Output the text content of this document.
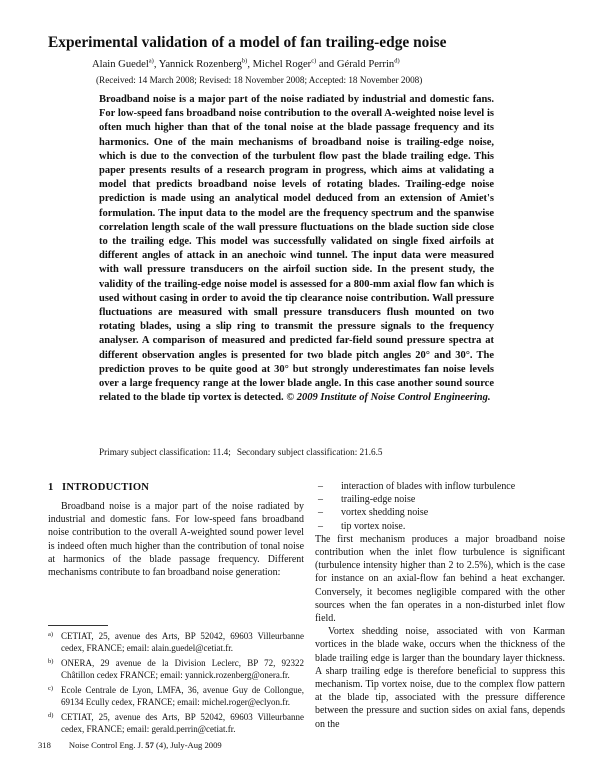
Experimental validation of a model of fan trailing-edge noise
Alain Guedel$^{a)}$, Yannick Rozenberg$^{b)}$, Michel Roger$^{c)}$ and Gérald Perrin$^{d)}$
(Received: 14 March 2008; Revised: 18 November 2008; Accepted: 18 November 2008)
Broadband noise is a major part of the noise radiated by industrial and domestic fans. For low-speed fans broadband noise contribution to the overall A-weighted noise level is often much higher than that of the tonal noise at the blade passage frequency and its harmonics. One of the main mechanisms of broadband noise is trailing-edge noise, which is due to the convection of the turbulent flow past the blade trailing edge. This paper presents results of a research program in progress, which aims at validating a model that predicts broadband noise levels of rotating blades. Trailing-edge noise prediction is made using an analytical model deduced from an extension of Amiet's formulation. The input data to the model are the frequency spectrum and the spanwise correlation length scale of the wall pressure fluctuations on the blade suction side close to the trailing edge. This model was successfully validated on single fixed airfoils at different angles of attack in an anechoic wind tunnel. The input data were measured with wall pressure transducers on the airfoil suction side. In the present study, the validity of the trailing-edge noise model is assessed for a 800-mm axial flow fan which is used without casing in order to avoid the tip clearance noise contribution. Wall pressure fluctuations are measured with small pressure transducers flush mounted on two rotating blades, using a slip ring to transmit the pressure signals to the frequency analyser. A comparison of measured and predicted far-field sound pressure spectra at different observation angles is presented for two blade pitch angles 20° and 30°. The prediction proves to be quite good at 30° but strongly underestimates fan noise levels over a large frequency range at the lower blade angle. In this case another sound source related to the blade tip vortex is detected. © 2009 Institute of Noise Control Engineering.
Primary subject classification: 11.4; Secondary subject classification: 21.6.5
1 INTRODUCTION

Broadband noise is a major part of the noise radiated by industrial and domestic fans. For low-speed fans broadband noise contribution to the overall A-weighted sound power level is indeed often much higher than the contribution of tonal noise at harmonics of the blade passage frequency. Different mechanisms contribute to fan broadband noise generation:

a) CETIAT, 25, avenue des Arts, BP 52042, 69603 Villeurbanne cedex, FRANCE; email: alain.guedel@cetiat.fr.
b) ONERA, 29 avenue de la Division Leclerc, BP 72, 92322 Châtillon cedex FRANCE; email: yannick.rozenberg@onera.fr.
c) Ecole Centrale de Lyon, LMFA, 36, avenue Guy de Collongue, 69134 Ecully cedex, FRANCE; email: michel.roger@eclyon.fr.
d) CETIAT, 25, avenue des Arts, BP 52042, 69603 Villeurbanne cedex, FRANCE; email: gerald.perrin@cetiat.fr.
–	interaction of blades with inflow turbulence
–	trailing-edge noise
–	vortex shedding noise
–	tip vortex noise.

The first mechanism produces a major broadband noise contribution when the inlet flow turbulence is significant (turbulence intensity higher than 2 to 2.5%), which is the case for instance on an axial-flow fan behind a heat exchanger. Conversely, it becomes negligible compared with the other sources when the fan operates in a non-disturbed inlet flow field.

Vortex shedding noise, associated with von Karman vortices in the blade wake, occurs when the thickness of the blade trailing edge is larger than the boundary layer thickness. A sharp trailing edge is therefore beneficial to suppress this mechanism. Tip vortex noise, due to the complex flow pattern at the blade tip, associated with the pressure difference between the pressure and suction sides on axial fans, depends on the

318 Noise Control Eng. J. 57 (4), July-Aug 2009
